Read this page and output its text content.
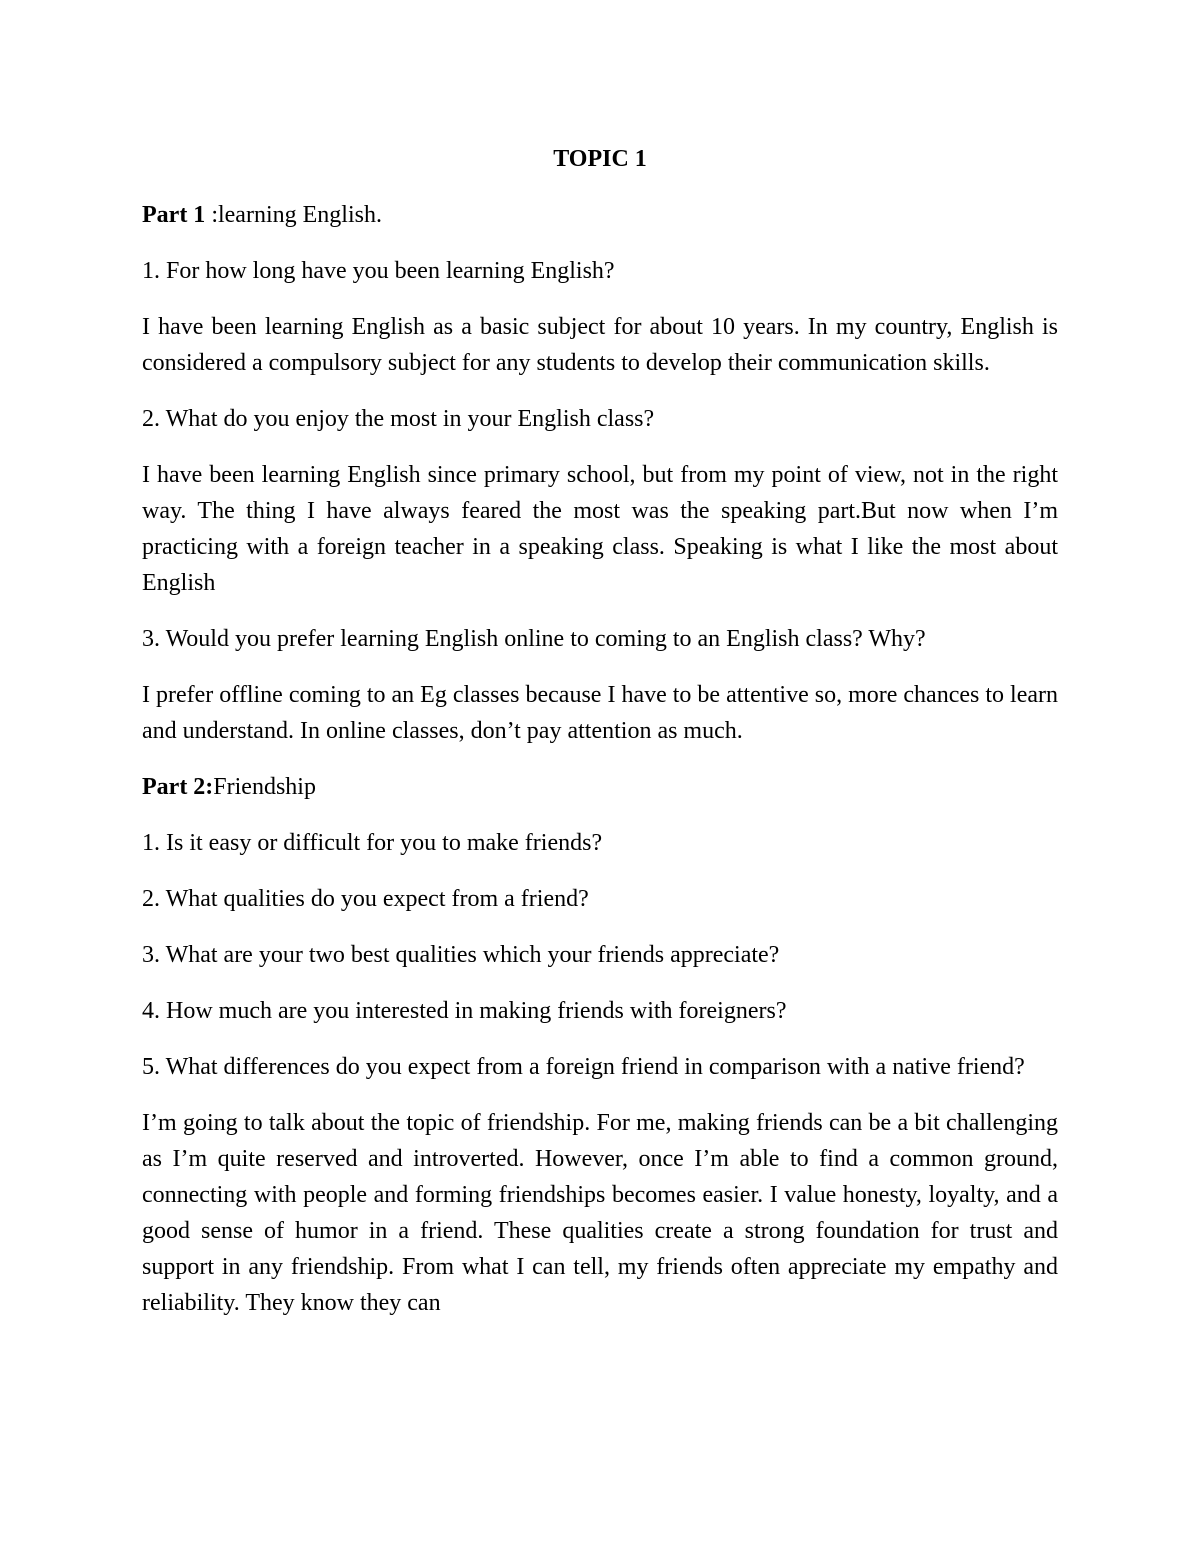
TOPIC 1

Part 1 :learning English.

1. For how long have you been learning English?

I have been learning English as a basic subject for about 10 years. In my country, English is considered a compulsory subject for any students to develop their communication skills.

2. What do you enjoy the most in your English class?

I have been learning English since primary school, but from my point of view, not in the right way. The thing I have always feared the most was the speaking part.But now when I’m practicing with a foreign teacher in a speaking class. Speaking is what I like the most about English

3. Would you prefer learning English online to coming to an English class? Why?

I prefer offline coming to an Eg classes because I have to be attentive so, more chances to learn and understand. In online classes, don’t pay attention as much.

Part 2:Friendship

1. Is it easy or difficult for you to make friends?

2. What qualities do you expect from a friend?

3. What are your two best qualities which your friends appreciate?

4. How much are you interested in making friends with foreigners?

5. What differences do you expect from a foreign friend in comparison with a native friend?

I’m going to talk about the topic of friendship. For me, making friends can be a bit challenging as I’m quite reserved and introverted. However, once I’m able to find a common ground, connecting with people and forming friendships becomes easier. I value honesty, loyalty, and a good sense of humor in a friend. These qualities create a strong foundation for trust and support in any friendship. From what I can tell, my friends often appreciate my empathy and reliability. They know they can
